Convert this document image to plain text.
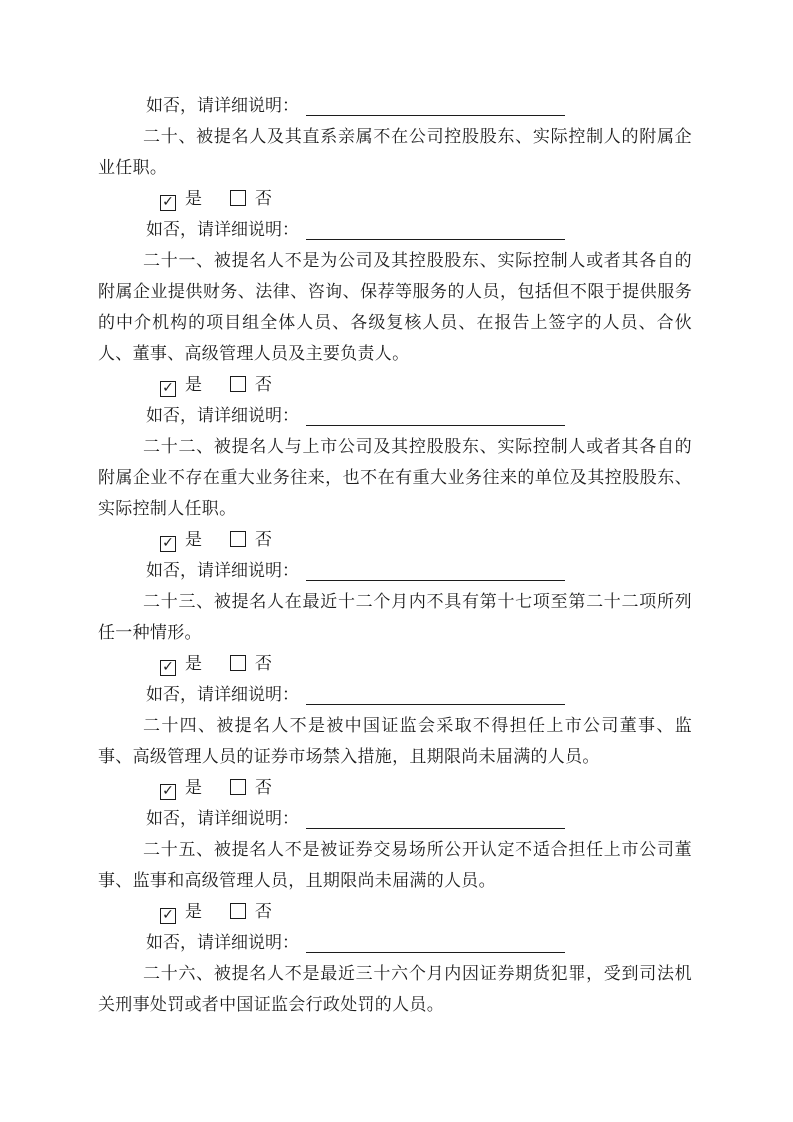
如否，请详细说明：

二十、被提名人及其直系亲属不在公司控股股东、实际控制人的附属企业任职。

✓ 是	否
如否，请详细说明：

二十一、被提名人不是为公司及其控股股东、实际控制人或者其各自的附属企业提供财务、法律、咨询、保荐等服务的人员，包括但不限于提供服务的中介机构的项目组全体人员、各级复核人员、在报告上签字的人员、合伙人、董事、高级管理人员及主要负责人。

✓ 是	否
如否，请详细说明：

二十二、被提名人与上市公司及其控股股东、实际控制人或者其各自的附属企业不存在重大业务往来，也不在有重大业务往来的单位及其控股股东、实际控制人任职。

✓ 是	否
如否，请详细说明：

二十三、被提名人在最近十二个月内不具有第十七项至第二十二项所列任一种情形。

✓ 是	否
如否，请详细说明：

二十四、被提名人不是被中国证监会采取不得担任上市公司董事、监事、高级管理人员的证券市场禁入措施，且期限尚未届满的人员。

✓ 是	否
如否，请详细说明：

二十五、被提名人不是被证券交易场所公开认定不适合担任上市公司董事、监事和高级管理人员，且期限尚未届满的人员。

✓ 是	否
如否，请详细说明：

二十六、被提名人不是最近三十六个月内因证券期货犯罪，受到司法机关刑事处罚或者中国证监会行政处罚的人员。
